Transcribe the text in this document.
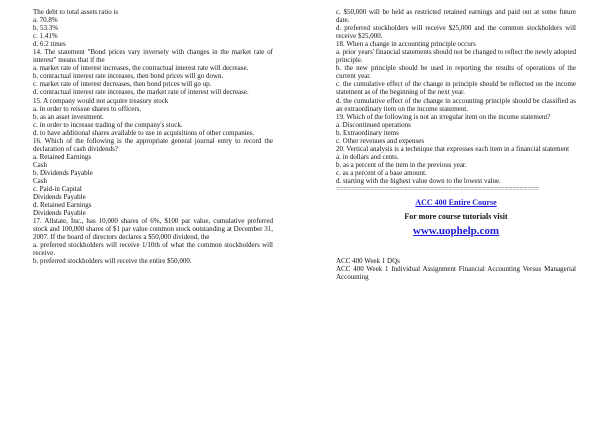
The debt to total assets ratio is
a. 70.8%
b. 53.3%
c. 1.41%
d. 6.2 times
14. The statement "Bond prices vary inversely with changes in the market rate of interest" means that if the
a. market rate of interest increases, the contractual interest rate will decrease.
b. contractual interest rate increases, then bond prices will go down.
c. market rate of interest decreases, then bond prices will go up.
d. contractual interest rate increases, the market rate of interest will decrease.
15. A company would not acquire treasury stock
a. in order to reissue shares to officers.
b. as an asset investment.
c. in order to increase trading of the company's stock.
d. to have additional shares available to use in acquisitions of other companies.
16. Which of the following is the appropriate general journal entry to record the declaration of cash dividends?
a. Retained Earnings
Cash
b. Dividends Payable
Cash
c. Paid-in Capital
Dividends Payable
d. Retained Earnings
Dividends Payable
17. Allstate, Inc., has 10,000 shares of 6%, $100 par value, cumulative preferred stock and 100,000 shares of $1 par value common stock outstanding at December 31, 2007. If the board of directors declares a $50,000 dividend, the
a. preferred stockholders will receive 1/10th of what the common stockholders will receive.
b. preferred stockholders will receive the entire $50,000.
c. $50,000 will be held as restricted retained earnings and paid out at some future date.
d. preferred stockholders will receive $25,000 and the common stockholders will receive $25,000.
18. When a change in accounting principle occurs
a. prior years' financial statements should not be changed to reflect the newly adopted principle.
b. the new principle should be used in reporting the results of operations of the current year.
c. the cumulative effect of the change in principle should be reflected on the income statement as of the beginning of the next year.
d. the cumulative effect of the change in accounting principle should be classified as an extraordinary item on the income statement.
19. Which of the following is not an irregular item on the income statement?
a. Discontinued operations
b. Extraordinary items
c. Other revenues and expenses
20. Vertical analysis is a technique that expresses each item in a financial statement
a. in dollars and cents.
b. as a percent of the item in the previous year.
c. as a percent of a base amount.
d. starting with the highest value down to the lowest value.
======================================================
ACC 400 Entire Course
For more course tutorials visit
www.uophelp.com
ACC 400 Week 1 DQs
ACC 400 Week 1 Individual Assignment Financial Accounting Versus Managerial Accounting
